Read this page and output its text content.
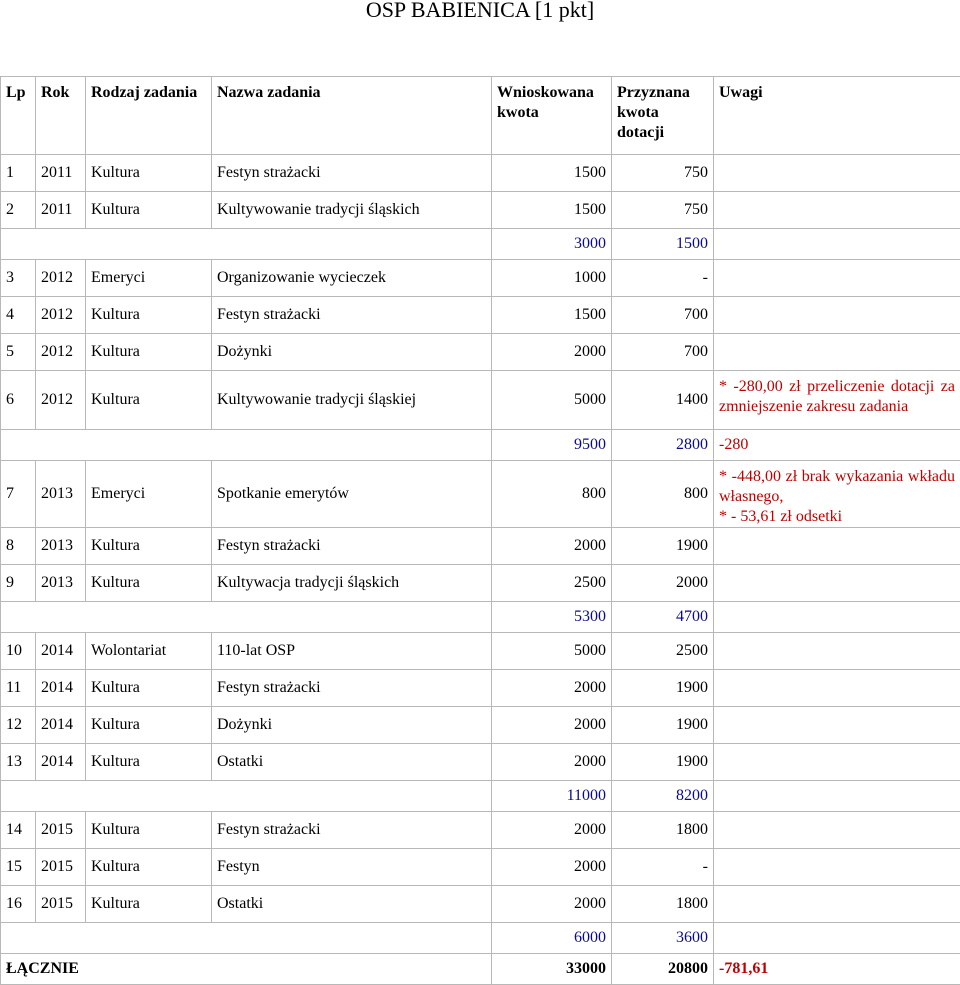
OSP BABIENICA [1 pkt]
Lp	Rok	Rodzaj zadania	Nazwa zadania	Wnioskowana kwota	Przyznana kwota dotacji	Uwagi
1	2011	Kultura	Festyn strażacki	1500	750	
2	2011	Kultura	Kultywowanie tradycji śląskich	1500	750	
				3000	1500	
3	2012	Emeryci	Organizowanie wycieczek	1000	-	
4	2012	Kultura	Festyn strażacki	1500	700	
5	2012	Kultura	Dożynki	2000	700	
6	2012	Kultura	Kultywowanie tradycji śląskiej	5000	1400	* -280,00 zł przeliczenie dotacji za zmniejszenie zakresu zadania

				9500	2800	-280
7	2013	Emeryci	Spotkanie emerytów	800	800	* -448,00 zł brak wykazania wkładu własnego,
* - 53,61 zł odsetki

8	2013	Kultura	Festyn strażacki	2000	1900	
9	2013	Kultura	Kultywacja tradycji śląskich	2500	2000	
				5300	4700	
10	2014	Wolontariat	110-lat OSP	5000	2500	
11	2014	Kultura	Festyn strażacki	2000	1900	
12	2014	Kultura	Dożynki	2000	1900	
13	2014	Kultura	Ostatki	2000	1900	
				11000	8200	
14	2015	Kultura	Festyn strażacki	2000	1800	
15	2015	Kultura	Festyn	2000	-	
16	2015	Kultura	Ostatki	2000	1800	
				6000	3600	
ŁĄCZNIE				33000	20800	-781,61
